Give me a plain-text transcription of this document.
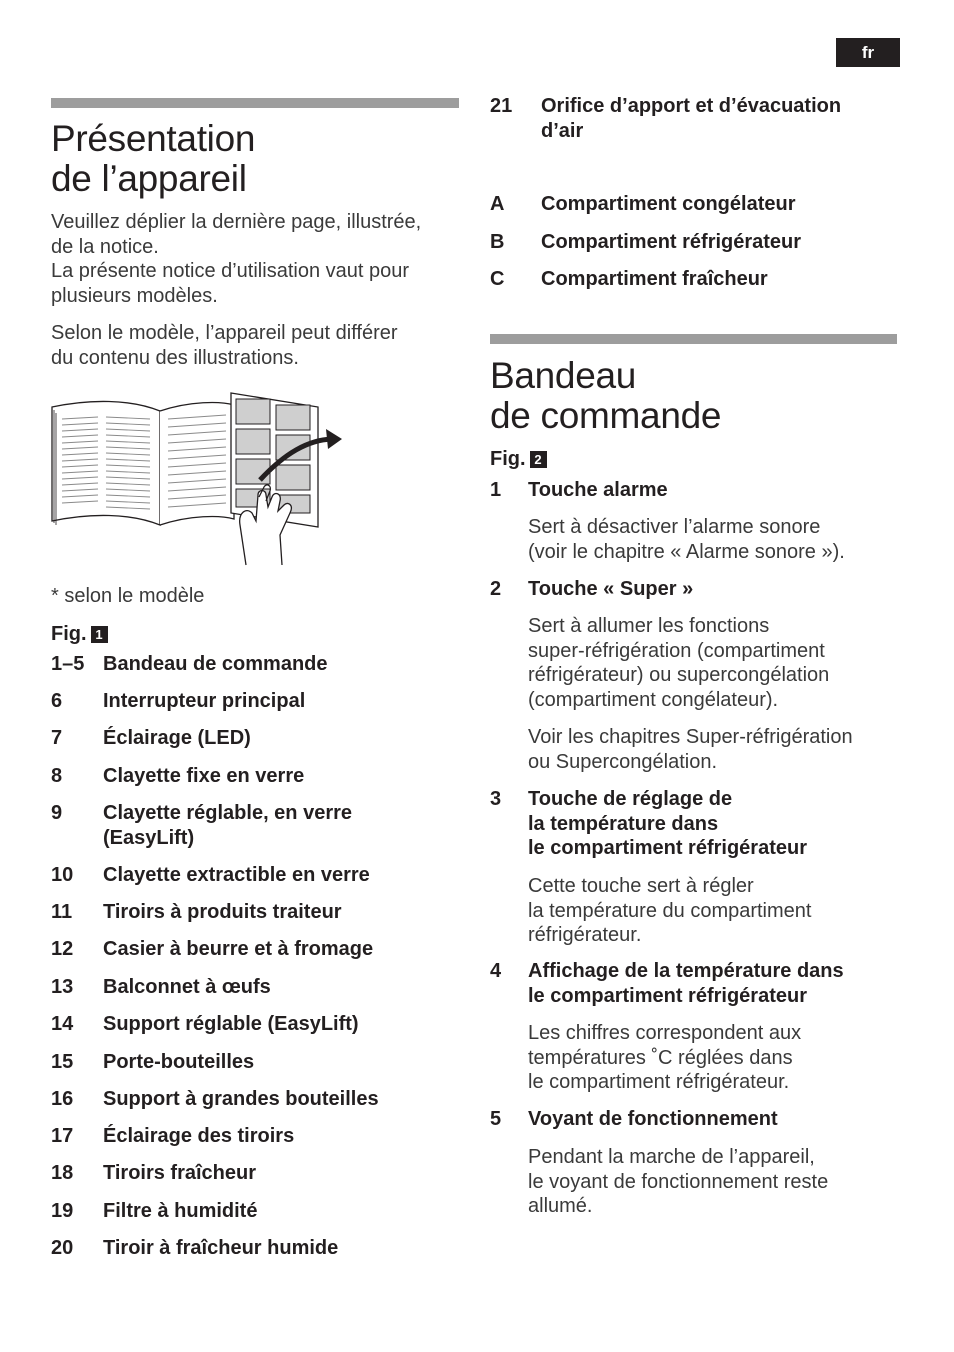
fr
Présentation
de l’appareil

Veuillez déplier la dernière page, illustrée,
de la notice.
La présente notice d’utilisation vaut pour
plusieurs modèles.

Selon le modèle, l’appareil peut différer
du contenu des illustrations.

* selon le modèle
Fig. 1
1–5 Bandeau de commande
6 Interrupteur principal
7 Éclairage (LED)
8 Clayette fixe en verre
9 Clayette réglable, en verre
(EasyLift)
10 Clayette extractible en verre
11 Tiroirs à produits traiteur
12 Casier à beurre et à fromage
13 Balconnet à œufs
14 Support réglable (EasyLift)
15 Porte-bouteilles
16 Support à grandes bouteilles
17 Éclairage des tiroirs
18 Tiroirs fraîcheur
19 Filtre à humidité
20 Tiroir à fraîcheur humide
21 Orifice d’apport et d’évacuation
d’air
A Compartiment congélateur
B Compartiment réfrigérateur
C Compartiment fraîcheur
Bandeau
de commande
Fig. 2
1 Touche alarme
Sert à désactiver l’alarme sonore
(voir le chapitre « Alarme sonore »).
2 Touche « Super »
Sert à allumer les fonctions
super-réfrigération (compartiment
réfrigérateur) ou supercongélation
(compartiment congélateur).
Voir les chapitres Super-réfrigération
ou Supercongélation.
3 Touche de réglage de
la température dans
le compartiment réfrigérateur
Cette touche sert à régler
la température du compartiment
réfrigérateur.
4 Affichage de la température dans
le compartiment réfrigérateur
Les chiffres correspondent aux
températures ˚C réglées dans
le compartiment réfrigérateur.
5 Voyant de fonctionnement
Pendant la marche de l’appareil,
le voyant de fonctionnement reste
allumé.
